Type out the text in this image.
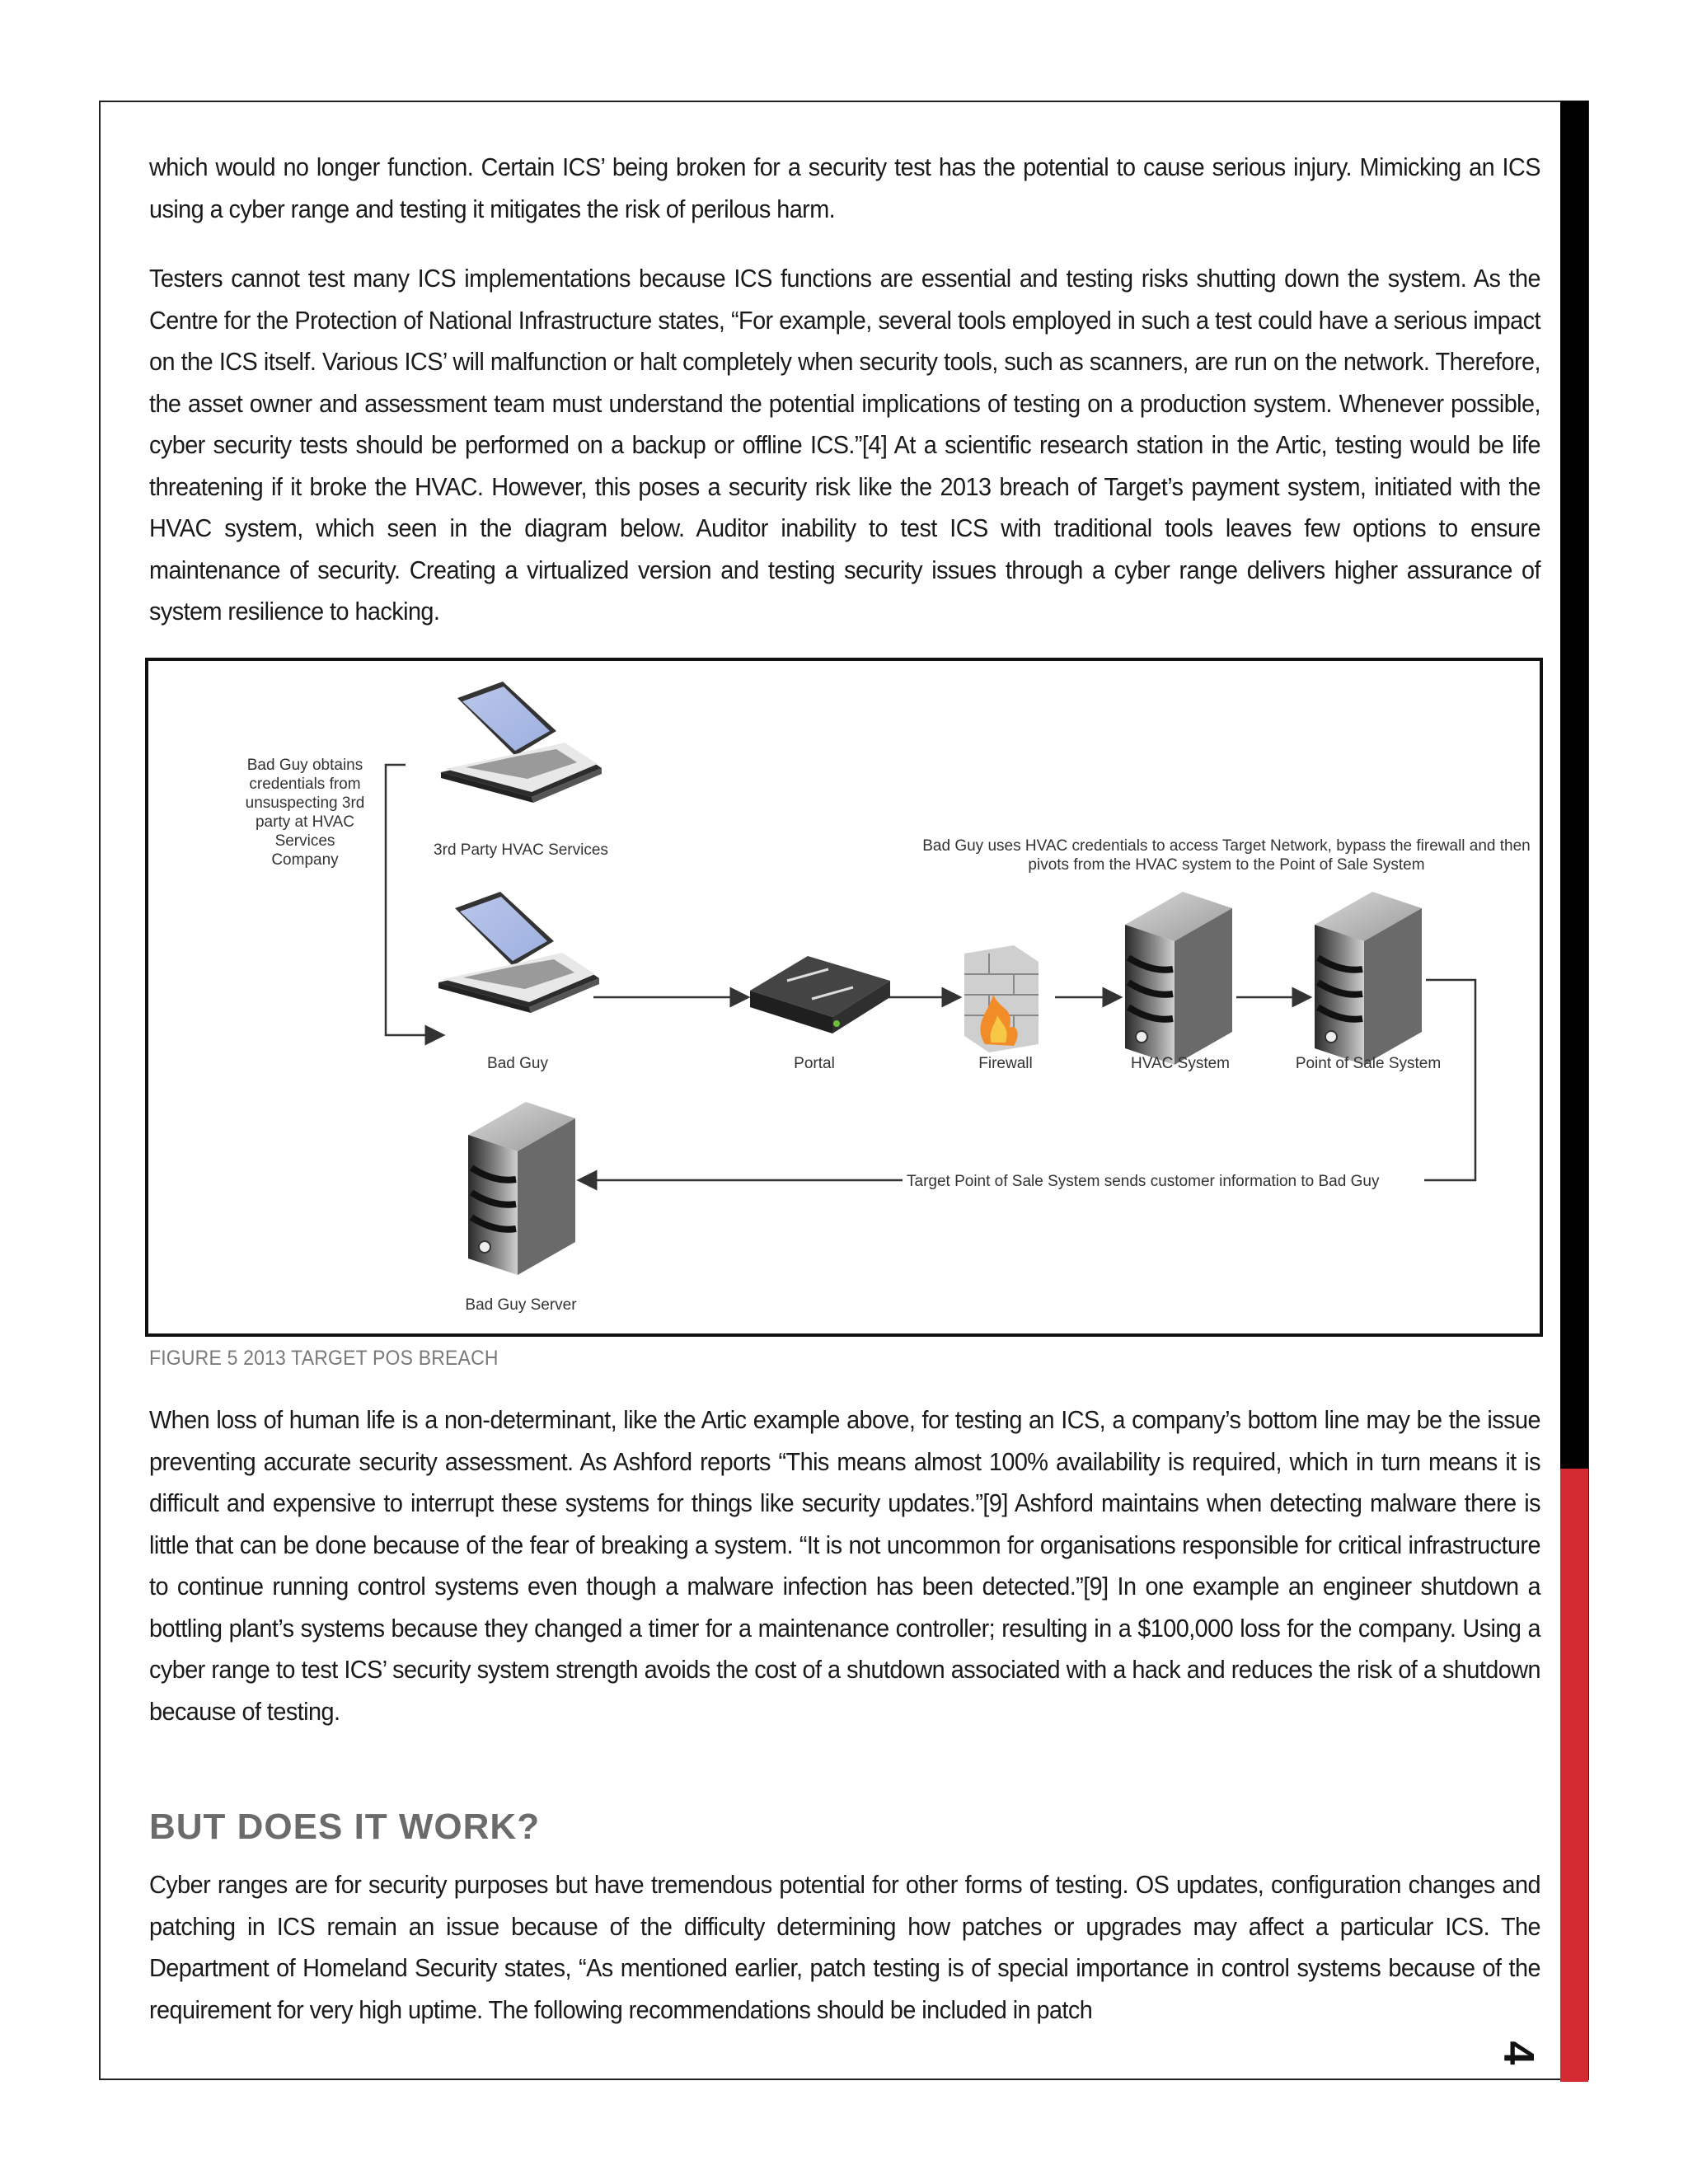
which would no longer function. Certain ICS’ being broken for a security test has the potential to cause serious injury. Mimicking an ICS using a cyber range and testing it mitigates the risk of perilous harm.

Testers cannot test many ICS implementations because ICS functions are essential and testing risks shutting down the system. As the Centre for the Protection of National Infrastructure states, “For example, several tools employed in such a test could have a serious impact on the ICS itself. Various ICS’ will malfunction or halt completely when security tools, such as scanners, are run on the network. Therefore, the asset owner and assessment team must understand the potential implications of testing on a production system. Whenever possible, cyber security tests should be performed on a backup or offline ICS.”[4] At a scientific research station in the Artic, testing would be life threatening if it broke the HVAC. However, this poses a security risk like the 2013 breach of Target’s payment system, initiated with the HVAC system, which seen in the diagram below. Auditor inability to test ICS with traditional tools leaves few options to ensure maintenance of security. Creating a virtualized version and testing security issues through a cyber range delivers higher assurance of system resilience to hacking.

Bad Guy obtains
credentials from
unsuspecting 3rd
party at HVAC
Services
Company
3rd Party HVAC Services	Bad Guy uses HVAC credentials to access Target Network, bypass the firewall and then
pivots from the HVAC system to the Point of Sale System
Bad Guy	Portal	Firewall	HVAC System	Point of Sale System
Target Point of Sale System sends customer information to Bad Guy
Bad Guy Server
FIGURE 5 2013 TARGET POS BREACH

When loss of human life is a non-determinant, like the Artic example above, for testing an ICS, a company’s bottom line may be the issue preventing accurate security assessment. As Ashford reports “This means almost 100% availability is required, which in turn means it is difficult and expensive to interrupt these systems for things like security updates.”[9] Ashford maintains when detecting malware there is little that can be done because of the fear of breaking a system. “It is not uncommon for organisations responsible for critical infrastructure to continue running control systems even though a malware infection has been detected.”[9] In one example an engineer shutdown a bottling plant’s systems because they changed a timer for a maintenance controller; resulting in a $100,000 loss for the company. Using a cyber range to test ICS’ security system strength avoids the cost of a shutdown associated with a hack and reduces the risk of a shutdown because of testing.

BUT DOES IT WORK?

Cyber ranges are for security purposes but have tremendous potential for other forms of testing. OS updates, configuration changes and patching in ICS remain an issue because of the difficulty determining how patches or upgrades may affect a particular ICS. The Department of Homeland Security states, “As mentioned earlier, patch testing is of special importance in control systems because of the requirement for very high uptime. The following recommendations should be included in patch

4
